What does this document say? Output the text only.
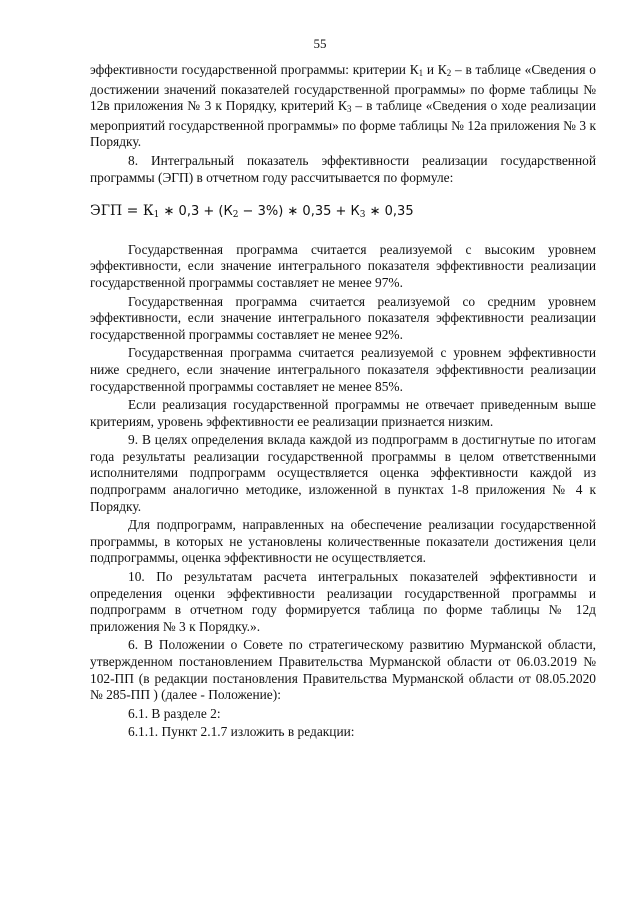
55

эффективности государственной программы: критерии $К_1$ и $К_2$ – в таблице «Сведения о достижении значений показателей государственной программы» по форме таблицы № 12в приложения № 3 к Порядку, критерий $К_3$ – в таблице «Сведения о ходе реализации мероприятий государственной программы» по форме таблицы № 12а приложения № 3 к Порядку.

8. Интегральный показатель эффективности реализации государственной программы (ЭГП) в отчетном году рассчитывается по формуле:

ЭГП = $К_1$ ∗ $0,3 + (К_2 - 3\%)$ ∗ $0,35 + К_3$ ∗ 0,35

Государственная программа считается реализуемой с высоким уровнем эффективности, если значение интегрального показателя эффективности реализации государственной программы составляет не менее 97%.

Государственная программа считается реализуемой со средним уровнем эффективности, если значение интегрального показателя эффективности реализации государственной программы составляет не менее 92%.

Государственная программа считается реализуемой с уровнем эффективности ниже среднего, если значение интегрального показателя эффективности реализации государственной программы составляет не менее 85%.

Если реализация государственной программы не отвечает приведенным выше критериям, уровень эффективности ее реализации признается низким.

9. В целях определения вклада каждой из подпрограмм в достигнутые по итогам года результаты реализации государственной программы в целом ответственными исполнителями подпрограмм осуществляется оценка эффективности каждой из подпрограмм аналогично методике, изложенной в пунктах 1-8 приложения № 4 к Порядку.

Для подпрограмм, направленных на обеспечение реализации государственной программы, в которых не установлены количественные показатели достижения цели подпрограммы, оценка эффективности не осуществляется.

10. По результатам расчета интегральных показателей эффективности и определения оценки эффективности реализации государственной программы и подпрограмм в отчетном году формируется таблица по форме таблицы № 12д приложения № 3 к Порядку.».

6. В Положении о Совете по стратегическому развитию Мурманской области, утвержденном постановлением Правительства Мурманской области от 06.03.2019 № 102-ПП (в редакции постановления Правительства Мурманской области от 08.05.2020 № 285-ПП ) (далее - Положение):

6.1. В разделе 2:

6.1.1. Пункт 2.1.7 изложить в редакции:
